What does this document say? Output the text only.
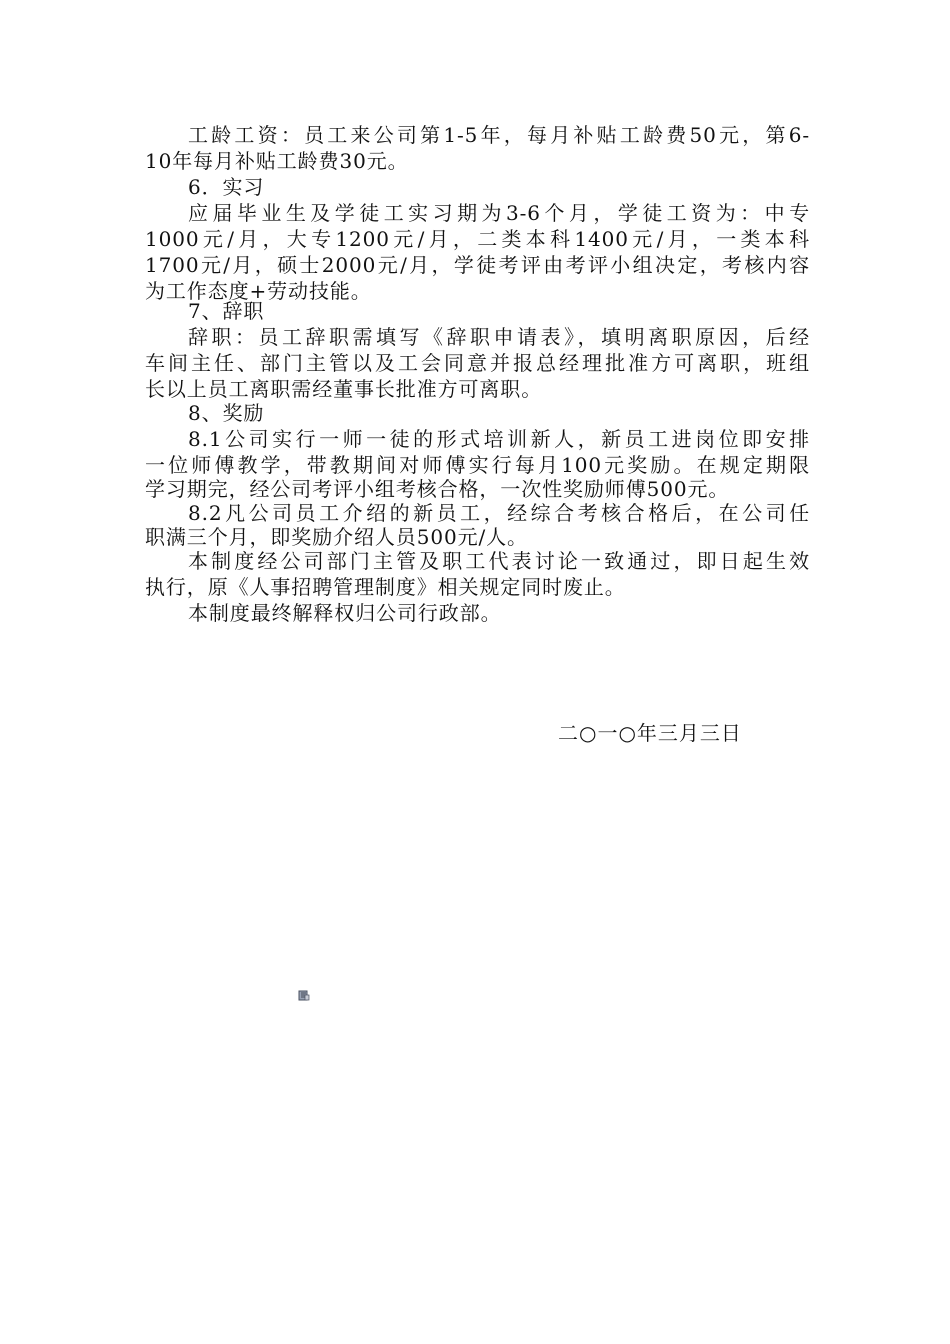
工龄工资：员工来公司第1-5年，每月补贴工龄费50元，第6-
10年每月补贴工龄费30元。
6．实习
应届毕业生及学徒工实习期为3-6个月，学徒工资为：中专
1000元/月，大专1200元/月，二类本科1400元/月，一类本科
1700元/月，硕士2000元/月，学徒考评由考评小组决定，考核内容
为工作态度+劳动技能。
7、辞职
辞职：员工辞职需填写《辞职申请表》，填明离职原因，后经
车间主任、部门主管以及工会同意并报总经理批准方可离职，班组
长以上员工离职需经董事长批准方可离职。
8、奖励
8.1公司实行一师一徒的形式培训新人，新员工进岗位即安排
一位师傅教学，带教期间对师傅实行每月100元奖励。在规定期限
学习期完，经公司考评小组考核合格，一次性奖励师傅500元。
8.2凡公司员工介绍的新员工，经综合考核合格后，在公司任
职满三个月，即奖励介绍人员500元/人。
本制度经公司部门主管及职工代表讨论一致通过，即日起生效
执行，原《人事招聘管理制度》相关规定同时废止。
本制度最终解释权归公司行政部。
二○一○年三月三日
